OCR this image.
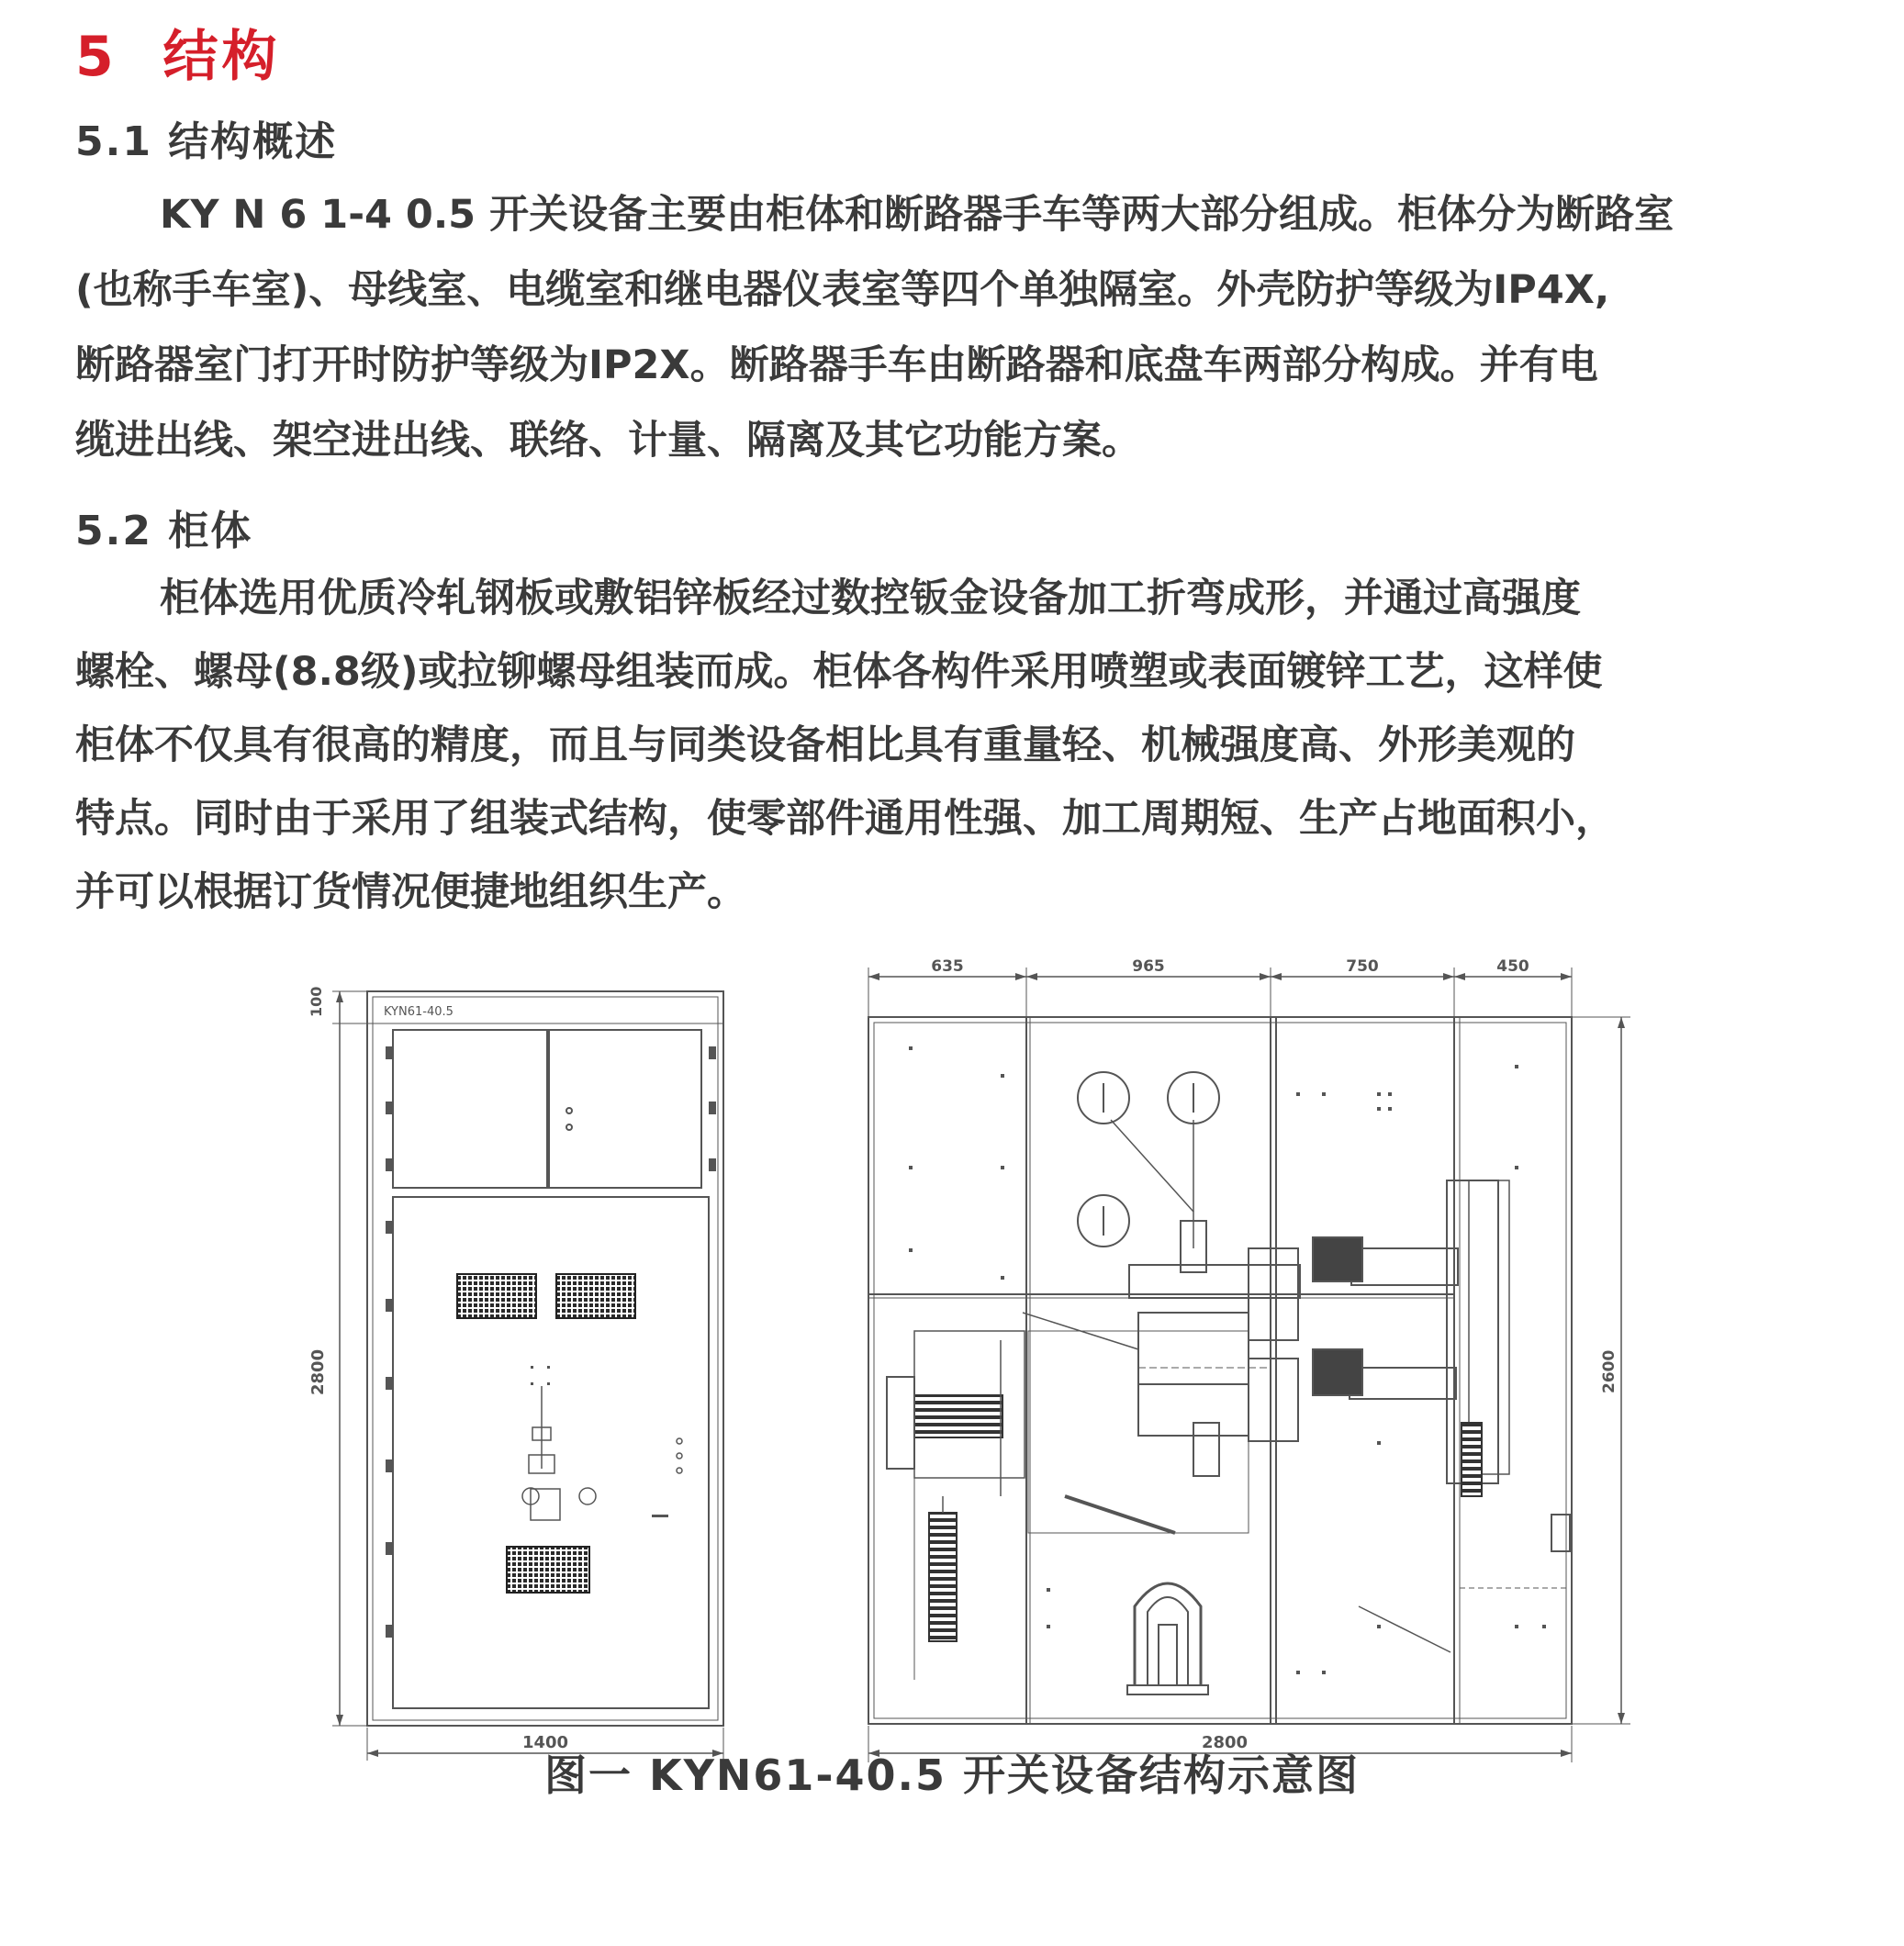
5 结构
5.1 结构概述
KY N 6 1-4 0.5 开关设备主要由柜体和断路器手车等两大部分组成。柜体分为断路室
(也称手车室)、母线室、电缆室和继电器仪表室等四个单独隔室。外壳防护等级为IP4X,
断路器室门打开时防护等级为IP2X。断路器手车由断路器和底盘车两部分构成。并有电
缆进出线、架空进出线、联络、计量、隔离及其它功能方案。
5.2 柜体
柜体选用优质冷轧钢板或敷铝锌板经过数控钣金设备加工折弯成形，并通过高强度
螺栓、螺母(8.8级)或拉铆螺母组装而成。柜体各构件采用喷塑或表面镀锌工艺，这样使
柜体不仅具有很高的精度，而且与同类设备相比具有重量轻、机械强度高、外形美观的
特点。同时由于采用了组装式结构，使零部件通用性强、加工周期短、生产占地面积小，
并可以根据订货情况便捷地组织生产。
KYN61-40.5
100
2800
1400
635	965	750	450
2600
2800
图一 KYN61-40.5 开关设备结构示意图
